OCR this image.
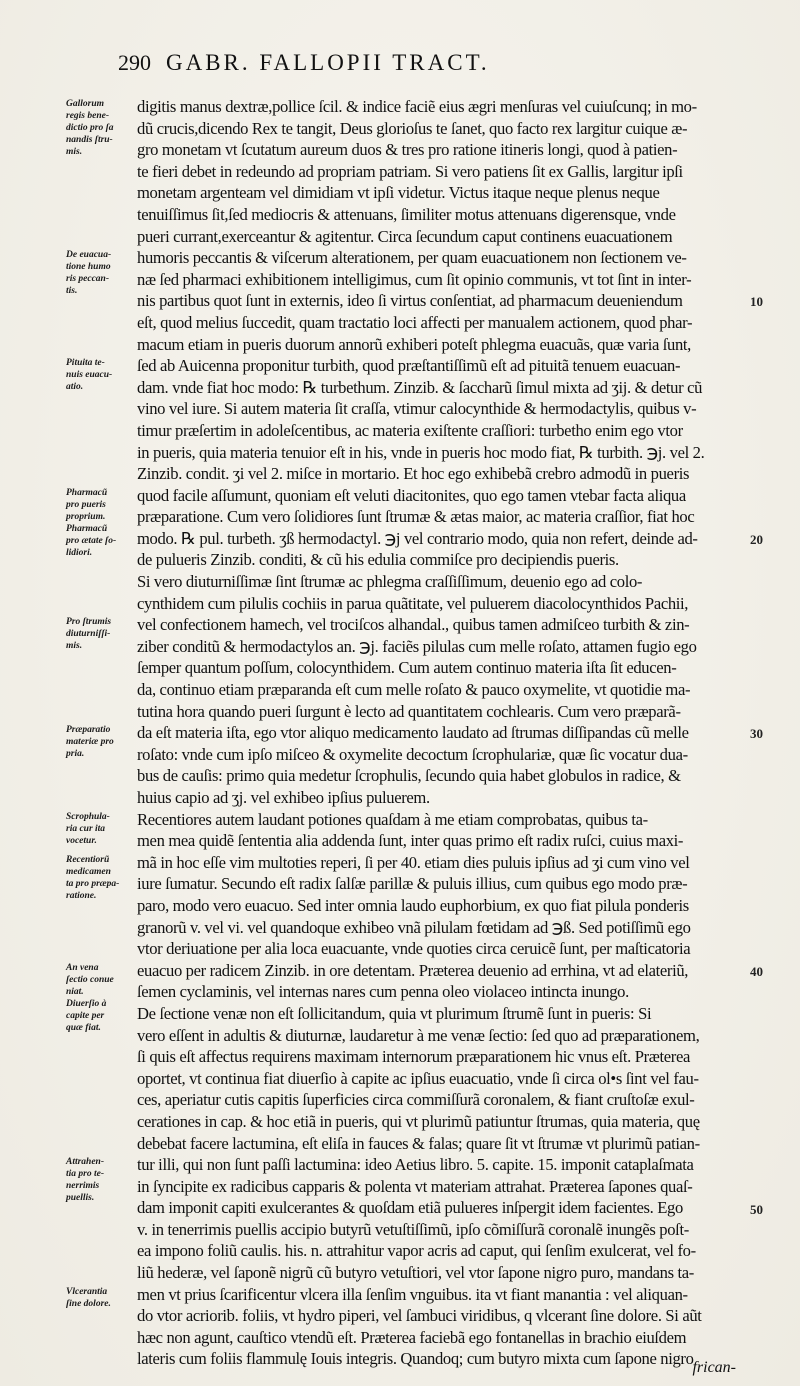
290 GABR. FALLOPII TRACT.
Gallorum
regis bene-
dictio pro ſa
nandis ſtru-
mis.
De euacua-
tione humo
ris peccan-
tis.
Pituita te-
nuis euacu-
atio.
Pharmacũ
pro pueris
proprium.
Pharmacũ
pro ætate ſo-
lidiori.
Pro ſtrumis
diuturniſſi-
mis.
Præparatio
materiæ pro
pria.
Scrophula-
ria cur ita
vocetur.
Recentiorũ
medicamen
ta pro præpa-
ratione.
An vena
ſectio conue
niat.
Diuerſio à
capite per
quæ fiat.
Attrahen-
tia pro te-
nerrimis
puellis.
Vlcerantia
ſine dolore.
digitis manus dextræ,pollice ſcil. & indice faciẽ eius ægri menſuras vel cuiuſcunq; in mo-
dũ crucis,dicendo Rex te tangit, Deus glorioſus te ſanet, quo facto rex largitur cuique æ-
gro monetam vt ſcutatum aureum duos & tres pro ratione itineris longi, quod à patien-
te fieri debet in redeundo ad propriam patriam. Si vero patiens ſit ex Gallis, largitur ipſi
monetam argenteam vel dimidiam vt ipſi videtur. Victus itaque neque plenus neque
tenuiſſimus ſit,ſed mediocris & attenuans, ſimiliter motus attenuans digerensque, vnde
pueri currant,exerceantur & agitentur. Circa ſecundum caput continens euacuationem
humoris peccantis & viſcerum alterationem, per quam euacuationem non ſectionem ve-
næ ſed pharmaci exhibitionem intelligimus, cum ſit opinio communis, vt tot ſint in inter-
nis partibus quot ſunt in externis, ideo ſi virtus conſentiat, ad pharmacum deueniendum
eſt, quod melius ſuccedit, quam tractatio loci affecti per manualem actionem, quod phar-
macum etiam in pueris duorum annorũ exhiberi poteſt phlegma euacuãs, quæ varia ſunt,
ſed ab Auicenna proponitur turbith, quod præſtantiſſimũ eſt ad pituitã tenuem euacuan-
dam. vnde fiat hoc modo: ℞ turbethum. Zinzib. & ſaccharũ ſimul mixta ad ʒij. & detur cũ
vino vel iure. Si autem materia ſit craſſa, vtimur calocynthide & hermodactylis, quibus v-
timur præſertim in adoleſcentibus, ac materia exiſtente craſſiori: turbetho enim ego vtor
in pueris, quia materia tenuior eſt in his, vnde in pueris hoc modo fiat, ℞ turbith. ℈j. vel 2.
Zinzib. condit. ʒi vel 2. miſce in mortario. Et hoc ego exhibebã crebro admodũ in pueris
quod facile aſſumunt, quoniam eſt veluti diacitonites, quo ego tamen vtebar facta aliqua
præparatione. Cum vero ſolidiores ſunt ſtrumæ & ætas maior, ac materia craſſior, fiat hoc
modo. ℞ pul. turbeth. ʒß hermodactyl. ℈j vel contrario modo, quia non refert, deinde ad-
de pulueris Zinzib. conditi, & cũ his edulia commiſce pro decipiendis pueris.
Si vero diuturniſſimæ ſint ſtrumæ ac phlegma craſſiſſimum, deuenio ego ad colo-
cynthidem cum pilulis cochiis in parua quãtitate, vel puluerem diacolocynthidos Pachii,
vel confectionem hamech, vel trociſcos alhandal., quibus tamen admiſceo turbith & zin-
ziber conditũ & hermodactylos an. ℈j. faciẽs pilulas cum melle roſato, attamen fugio ego
ſemper quantum poſſum, colocynthidem. Cum autem continuo materia iſta ſit educen-
da, continuo etiam præparanda eſt cum melle roſato & pauco oxymelite, vt quotidie ma-
tutina hora quando pueri ſurgunt è lecto ad quantitatem cochlearis. Cum vero præparã-
da eſt materia iſta, ego vtor aliquo medicamento laudato ad ſtrumas diſſipandas cũ melle
roſato: vnde cum ipſo miſceo & oxymelite decoctum ſcrophulariæ, quæ ſic vocatur dua-
bus de cauſis: primo quia medetur ſcrophulis, ſecundo quia habet globulos in radice, &
huius capio ad ʒj. vel exhibeo ipſius puluerem.
Recentiores autem laudant potiones quaſdam à me etiam comprobatas, quibus ta-
men mea quidẽ ſententia alia addenda ſunt, inter quas primo eſt radix ruſci, cuius maxi-
mã in hoc eſſe vim multoties reperi, ſi per 40. etiam dies puluis ipſius ad ʒi cum vino vel
iure ſumatur. Secundo eſt radix ſalſæ parillæ & puluis illius, cum quibus ego modo præ-
paro, modo vero euacuo. Sed inter omnia laudo euphorbium, ex quo fiat pilula ponderis
granorũ v. vel vi. vel quandoque exhibeo vnã pilulam fœtidam ad ℈ß. Sed potiſſimũ ego
vtor deriuatione per alia loca euacuante, vnde quoties circa ceruicẽ ſunt, per maſticatoria
euacuo per radicem Zinzib. in ore detentam. Præterea deuenio ad errhina, vt ad elateriũ,
ſemen cyclaminis, vel internas nares cum penna oleo violaceo intincta inungo.
De ſectione venæ non eſt ſollicitandum, quia vt plurimum ſtrumẽ ſunt in pueris: Si
vero eſſent in adultis & diuturnæ, laudaretur à me venæ ſectio: ſed quo ad præparationem,
ſi quis eſt affectus requirens maximam internorum præparationem hic vnus eſt. Præterea
oportet, vt continua fiat diuerſio à capite ac ipſius euacuatio, vnde ſi circa ol•s ſint vel fau-
ces, aperiatur cutis capitis ſuperficies circa commiſſurã coronalem, & fiant cruſtoſæ exul-
cerationes in cap. & hoc etiã in pueris, qui vt plurimũ patiuntur ſtrumas, quia materia, quę
debebat facere lactumina, eſt eliſa in fauces & falas; quare ſit vt ſtrumæ vt plurimũ patian-
tur illi, qui non ſunt paſſi lactumina: ideo Aetius libro. 5. capite. 15. imponit cataplaſmata
in ſyncipite ex radicibus capparis & polenta vt materiam attrahat. Præterea ſapones quaſ-
dam imponit capiti exulcerantes & quoſdam etiã pulueres inſpergit idem facientes. Ego
v. in tenerrimis puellis accipio butyrũ vetuſtiſſimũ, ipſo cõmiſſurã coronalẽ inungẽs poſt-
ea impono foliũ caulis. his. n. attrahitur vapor acris ad caput, qui ſenſim exulcerat, vel fo-
liũ hederæ, vel ſaponẽ nigrũ cũ butyro vetuſtiori, vel vtor ſapone nigro puro, mandans ta-
men vt prius ſcarificentur vlcera illa ſenſim vnguibus. ita vt fiant manantia : vel aliquan-
do vtor acriorib. foliis, vt hydro piperi, vel ſambuci viridibus, q vlcerant ſine dolore. Si aũt
hæc non agunt, cauſtico vtendũ eſt. Præterea faciebã ego fontanellas in brachio eiuſdem
lateris cum foliis flammulę Iouis integris. Quandoq; cum butyro mixta cum ſapone nigro
10
20
30
40
50
frican-
